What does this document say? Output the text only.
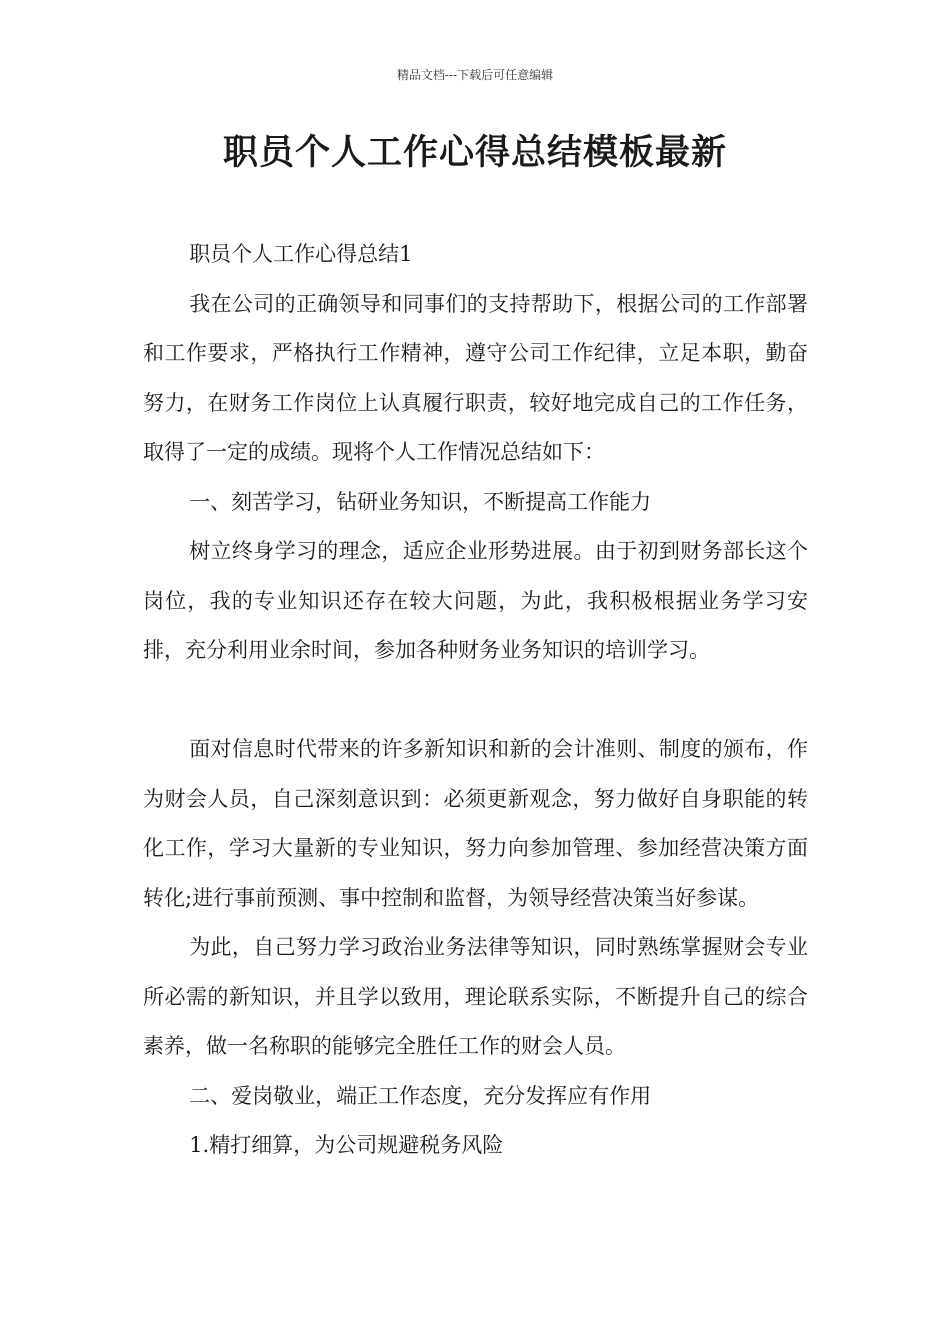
精品文档---下载后可任意编辑
职员个人工作心得总结模板最新

职员个人工作心得总结1

我在公司的正确领导和同事们的支持帮助下，根据公司的工作部署和工作要求，严格执行工作精神，遵守公司工作纪律，立足本职，勤奋努力，在财务工作岗位上认真履行职责，较好地完成自己的工作任务，取得了一定的成绩。现将个人工作情况总结如下：

一、刻苦学习，钻研业务知识，不断提高工作能力

树立终身学习的理念，适应企业形势进展。由于初到财务部长这个岗位，我的专业知识还存在较大问题，为此，我积极根据业务学习安排，充分利用业余时间，参加各种财务业务知识的培训学习。

面对信息时代带来的许多新知识和新的会计准则、制度的颁布，作为财会人员，自己深刻意识到：必须更新观念，努力做好自身职能的转化工作，学习大量新的专业知识，努力向参加管理、参加经营决策方面转化;进行事前预测、事中控制和监督，为领导经营决策当好参谋。

为此，自己努力学习政治业务法律等知识，同时熟练掌握财会专业所必需的新知识，并且学以致用，理论联系实际，不断提升自己的综合素养，做一名称职的能够完全胜任工作的财会人员。

二、爱岗敬业，端正工作态度，充分发挥应有作用

1.精打细算，为公司规避税务风险
